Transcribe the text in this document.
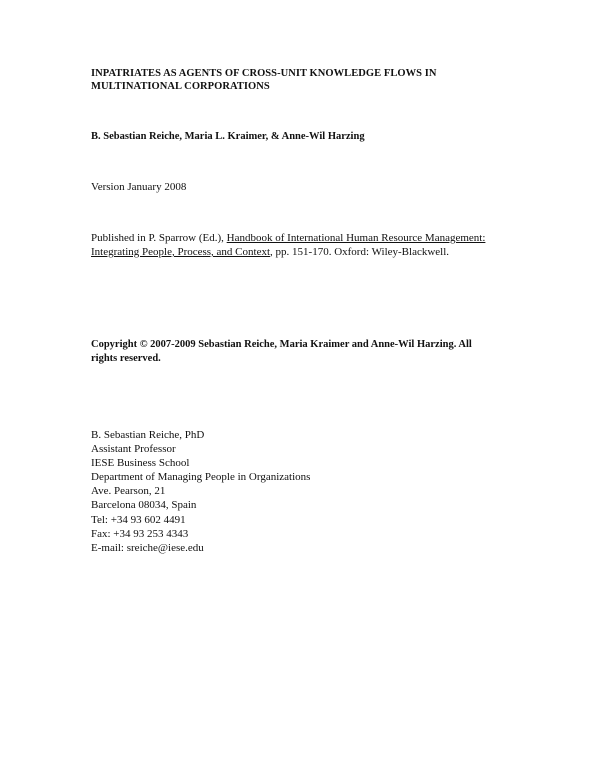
INPATRIATES AS AGENTS OF CROSS-UNIT KNOWLEDGE FLOWS IN
MULTINATIONAL CORPORATIONS
B. Sebastian Reiche, Maria L. Kraimer, & Anne-Wil Harzing
Version January 2008
Published in P. Sparrow (Ed.), Handbook of International Human Resource Management:
Integrating People, Process, and Context, pp. 151-170. Oxford: Wiley-Blackwell.
Copyright © 2007-2009 Sebastian Reiche, Maria Kraimer and Anne-Wil Harzing. All
rights reserved.
B. Sebastian Reiche, PhD
Assistant Professor
IESE Business School
Department of Managing People in Organizations
Ave. Pearson, 21
Barcelona 08034, Spain
Tel: +34 93 602 4491
Fax: +34 93 253 4343
E-mail: sreiche@iese.edu
